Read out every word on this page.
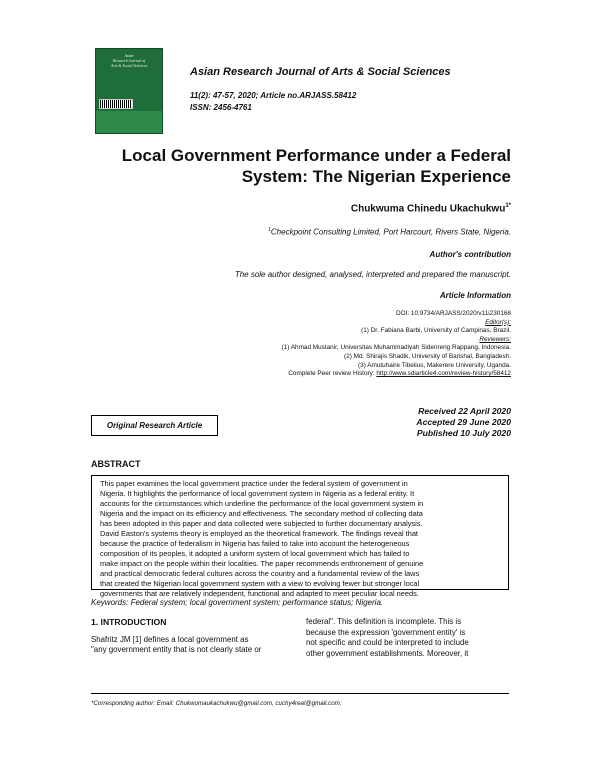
Asian
Research Journal of
Arts & Social Sciences
Asian Research Journal of Arts & Social Sciences
11(2): 47-57, 2020; Article no.ARJASS.58412
ISSN: 2456-4761
Local Government Performance under a Federal
System: The Nigerian Experience
Chukwuma Chinedu Ukachukwu$^{1*}$
$^1$Checkpoint Consulting Limited, Port Harcourt, Rivers State, Nigeria.
Author's contribution
The sole author designed, analysed, interpreted and prepared the manuscript.
Article Information
DOI: 10.9734/ARJASS/2020/v11i230168
Editor(s):
(1) Dr. Fabiana Barbi, University of Campinas, Brazil.
Reviewers:
(1) Ahmad Mustanir, Universitas Muhammadiyah Sidenreng Rappang, Indonesia.
(2) Md. Shirajis Shadik, University of Barishal, Bangladesh.
(3) Amutuhaire Tibelius, Makerere University, Uganda.
Complete Peer review History: http://www.sdiarticle4.com/review-history/58412
Received 22 April 2020
Accepted 29 June 2020
Published 10 July 2020
Original Research Article
ABSTRACT
This paper examines the local government practice under the federal system of government in
Nigeria. It highlights the performance of local government system in Nigeria as a federal entity. It
accounts for the circumstances which underline the performance of the local government system in
Nigeria and the impact on its efficiency and effectiveness. The secondary method of collecting data
has been adopted in this paper and data collected were subjected to further documentary analysis.
David Easton's systems theory is employed as the theoretical framework. The findings reveal that
because the practice of federalism in Nigeria has failed to take into account the heterogeneous
composition of its peoples, it adopted a uniform system of local government which has failed to
make impact on the people within their localities. The paper recommends enthronement of genuine
and practical democratic federal cultures across the country and a fundamental review of the laws
that created the Nigerian local government system with a view to evolving fewer but stronger local
governments that are relatively independent, functional and adapted to meet peculiar local needs.
Keywords: Federal system; local government system; performance status; Nigeria.
1. INTRODUCTION
Shafritz JM [1] defines a local government as
"any government entity that is not clearly state or
federal". This definition is incomplete. This is
because the expression 'government entity' is
not specific and could be interpreted to include
other government establishments. Moreover, it
*Corresponding author: Email: Chukwumaukachukwu@gmail.com, cuchy4real@gmail.com;
